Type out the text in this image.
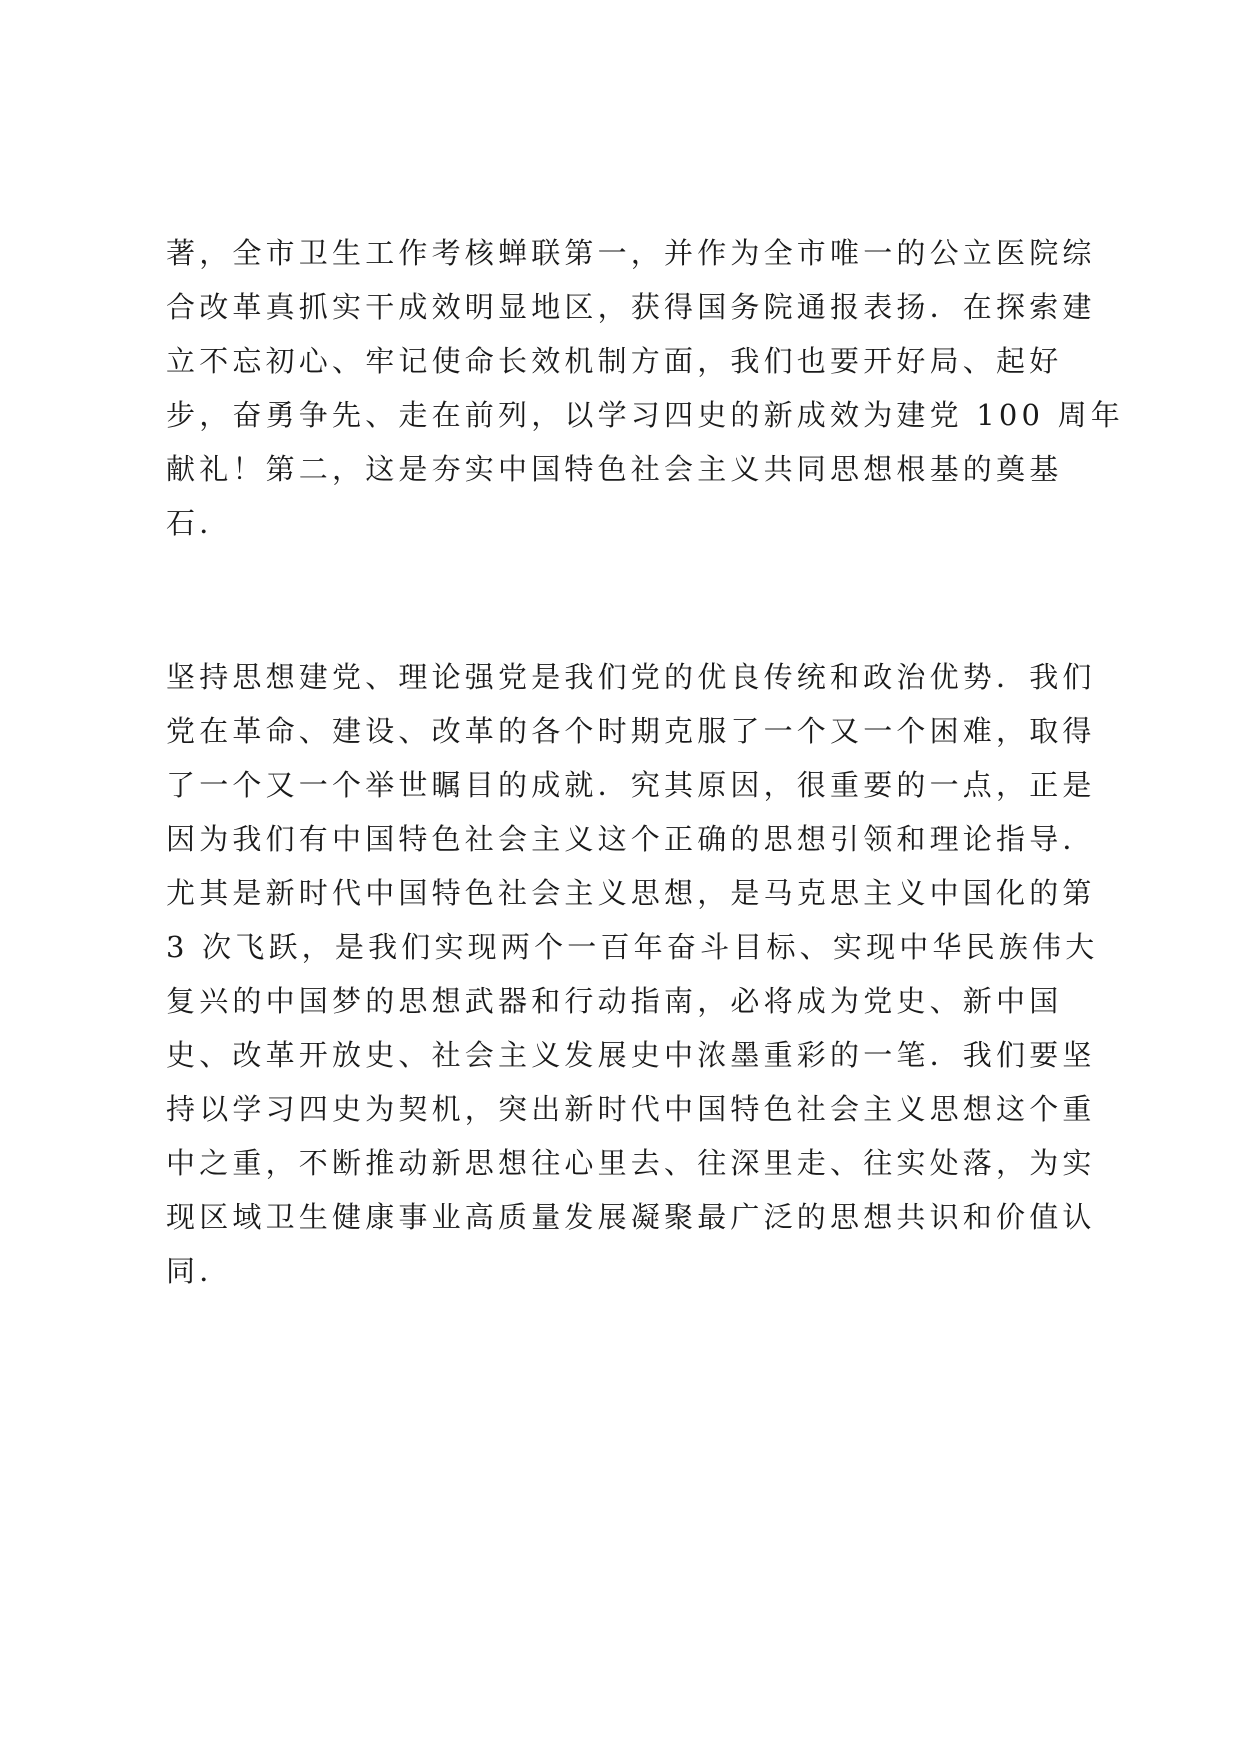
著，全市卫生工作考核蝉联第一，并作为全市唯一的公立医院综
合改革真抓实干成效明显地区，获得国务院通报表扬．在探索建
立不忘初心、牢记使命长效机制方面，我们也要开好局、起好
步，奋勇争先、走在前列，以学习四史的新成效为建党 100 周年
献礼！第二，这是夯实中国特色社会主义共同思想根基的奠基
石．
坚持思想建党、理论强党是我们党的优良传统和政治优势．我们
党在革命、建设、改革的各个时期克服了一个又一个困难，取得
了一个又一个举世瞩目的成就．究其原因，很重要的一点，正是
因为我们有中国特色社会主义这个正确的思想引领和理论指导．
尤其是新时代中国特色社会主义思想，是马克思主义中国化的第
3 次飞跃，是我们实现两个一百年奋斗目标、实现中华民族伟大
复兴的中国梦的思想武器和行动指南，必将成为党史、新中国
史、改革开放史、社会主义发展史中浓墨重彩的一笔．我们要坚
持以学习四史为契机，突出新时代中国特色社会主义思想这个重
中之重，不断推动新思想往心里去、往深里走、往实处落，为实
现区域卫生健康事业高质量发展凝聚最广泛的思想共识和价值认
同．
